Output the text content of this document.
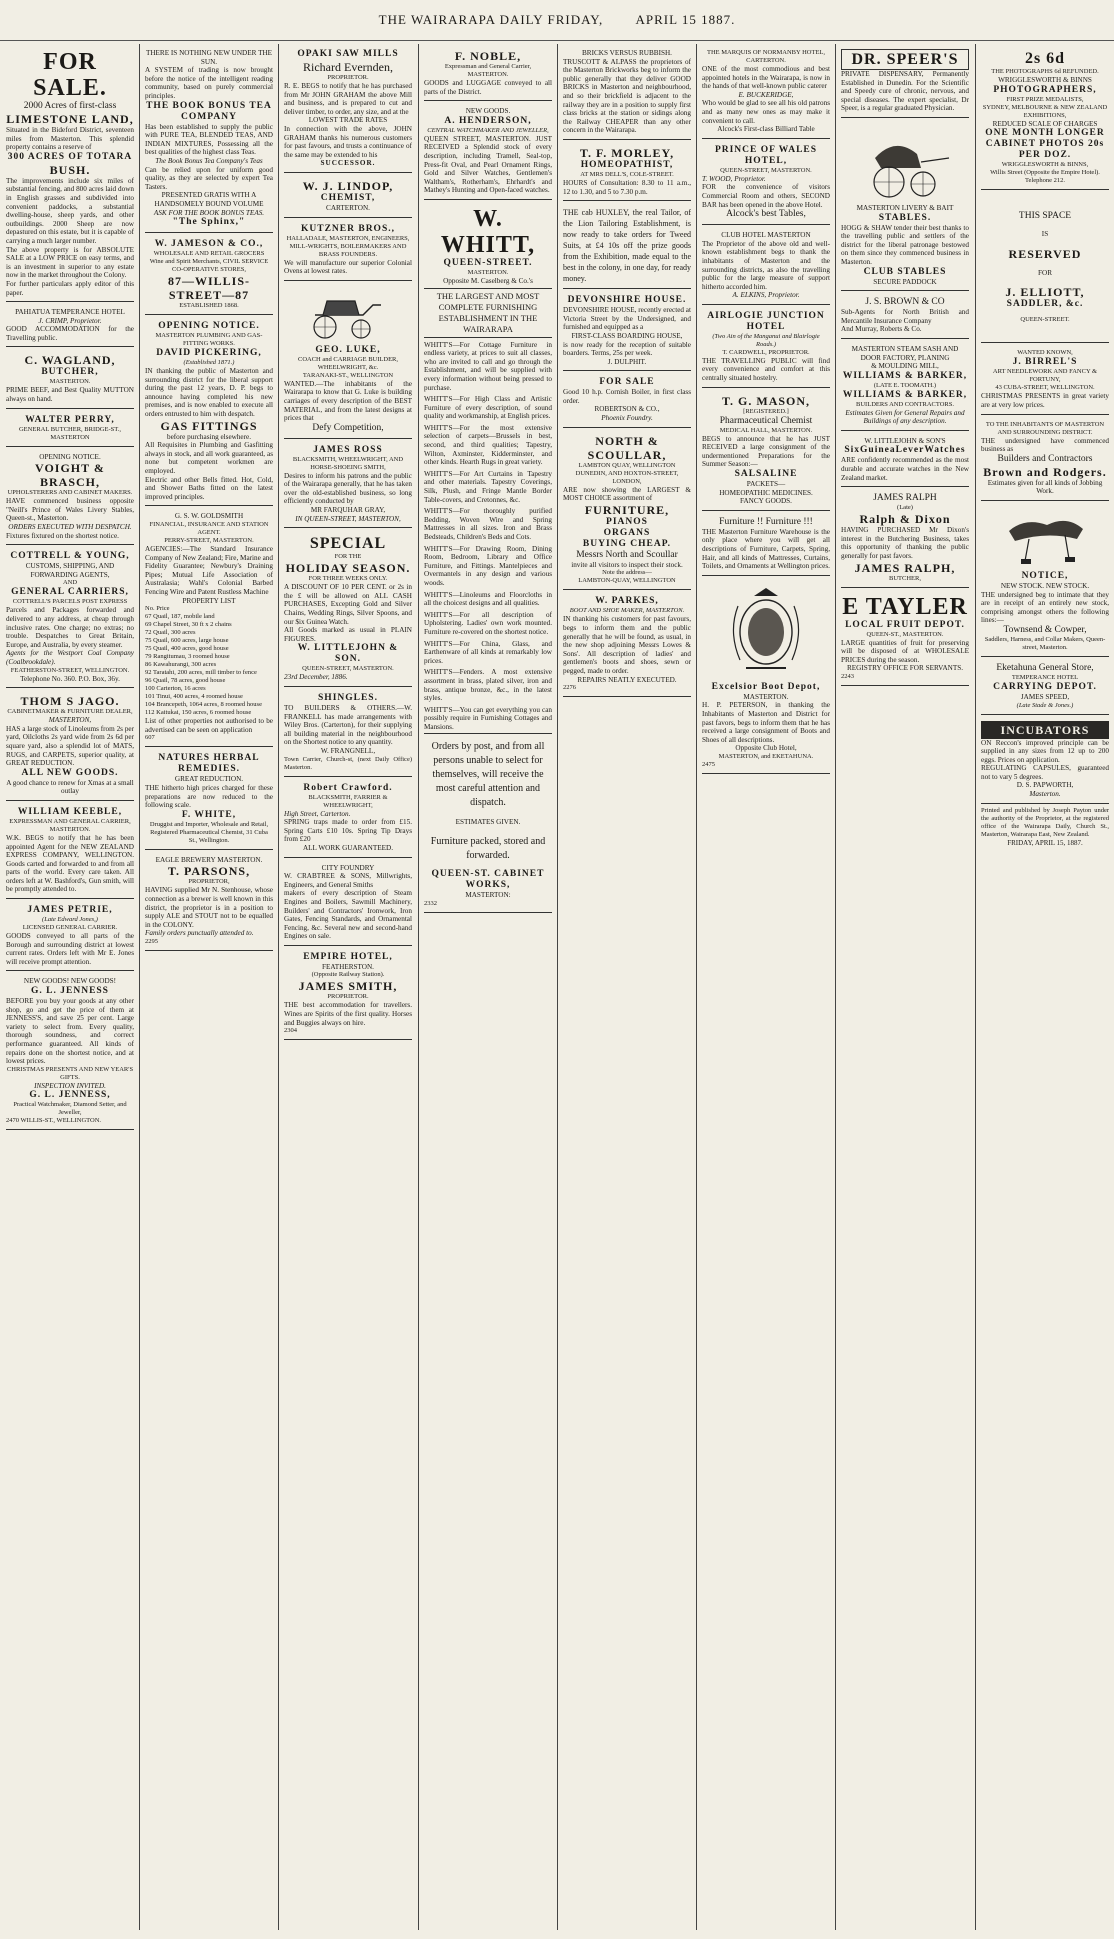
THE WAIRARAPA DAILY FRIDAY, APRIL 15 1887.
FOR SALE.
2000 Acres of first-class
LIMESTONE LAND,
Situated in the Bideford District, seventeen miles from Masterton. This splendid property contains a reserve of
300 ACRES OF TOTARA
BUSH.
The improvements include six miles of substantial fencing, and 800 acres laid down in English grasses and subdivided into convenient paddocks, a substantial dwelling-house, sheep yards, and other outbuildings. 2000 Sheep are now depastured on this estate, but it is capable of carrying a much larger number.
The above property is for ABSOLUTE SALE at a LOW PRICE on easy terms, and is an investment in superior to any estate now in the market throughout the Colony.
For further particulars apply editor of this paper.
PAHIATUA TEMPERANCE HOTEL
J. CRIMP, Proprietor.
GOOD ACCOMMODATION for the Travelling public.
C. WAGLAND,
BUTCHER,
MASTERTON.
PRIME BEEF, and Best Quality MUTTON always on hand.
WALTER PERRY,
GENERAL BUTCHER, BRIDGE-ST., MASTERTON
OPENING NOTICE.
VOIGHT & BRASCH,
UPHOLSTERERS AND CABINET MAKERS.
HAVE commenced business opposite "Neill's Prince of Wales Livery Stables, Queen-st., Masterton.
ORDERS EXECUTED WITH DESPATCH.
Fixtures fixtured on the shortest notice.
COTTRELL & YOUNG,
CUSTOMS, SHIPPING, AND FORWARDING AGENTS,
AND
GENERAL CARRIERS,
COTTRELL'S PARCELS POST EXPRESS
Parcels and Packages forwarded and delivered to any address, at cheap through inclusive rates. One charge; no extras; no trouble. Despatches to Great Britain, Europe, and Australia, by every steamer.
Agents for the Westport Coal Company (Coalbrookdale).
FEATHERSTON-STREET, WELLINGTON.
Telephone No. 360. P.O. Box, 36y.
THOM S JAGO.
CABINETMAKER & FURNITURE DEALER,
MASTERTON,
HAS a large stock of Linoleums from 2s per yard, Oilcloths 2s yard wide from 2s 6d per square yard, also a splendid lot of MATS, RUGS, and CARPETS, superior quality, at GREAT REDUCTION.
ALL NEW GOODS.
A good chance to renew for Xmas at a small outlay
WILLIAM KEEBLE,
EXPRESSMAN AND GENERAL CARRIER, MASTERTON.
W.K. BEGS to notify that he has been appointed Agent for the NEW ZEALAND EXPRESS COMPANY, WELLINGTON. Goods carted and forwarded to and from all parts of the world. Every care taken. All orders left at W. Bashford's, Gun smith, will be promptly attended to.
JAMES PETRIE,
(Late Edward Jones,)
LICENSED GENERAL CARRIER.
GOODS conveyed to all parts of the Borough and surrounding district at lowest current rates. Orders left with Mr E. Jones will receive prompt attention.
NEW GOODS! NEW GOODS!
G. L. JENNESS
BEFORE you buy your goods at any other shop, go and get the price of them at JENNESS'S, and save 25 per cent. Large variety to select from. Every quality, thorough soundness, and correct performance guaranteed. All kinds of repairs done on the shortest notice, and at lowest prices.
CHRISTMAS PRESENTS AND NEW YEAR'S GIFTS.
INSPECTION INVITED.
G. L. JENNESS,
Practical Watchmaker, Diamond Setter, and Jeweller,
2470 WILLIS-ST., WELLINGTON.
THERE IS NOTHING NEW UNDER THE SUN.
A SYSTEM of trading is now brought before the notice of the intelligent reading community, based on purely commercial principles.
THE BOOK BONUS TEA COMPANY
Has been established to supply the public with PURE TEA, BLENDED TEAS, AND INDIAN MIXTURES, Possessing all the best qualities of the highest class Teas.
The Book Bonus Tea Company's Teas
Can be relied upon for uniform good quality, as they are selected by expert Tea Tasters.
PRESENTED GRATIS WITH A HANDSOMELY BOUND VOLUME
ASK FOR THE BOOK BONUS TEAS.
"The Sphinx,"
W. JAMESON & CO.,
WHOLESALE AND RETAIL GROCERS
Wine and Spirit Merchants, CIVIL SERVICE CO-OPERATIVE STORES,
87—WILLIS-STREET—87
ESTABLISHED 1868.
OPENING NOTICE.
MASTERTON PLUMBING AND GAS-FITTING WORKS.
DAVID PICKERING,
(Established 1871.)
IN thanking the public of Masterton and surrounding district for the liberal support during the past 12 years, D. P. begs to announce having completed his new premises, and is now enabled to execute all orders entrusted to him with despatch.
GAS FITTINGS
before purchasing elsewhere.
All Requisites in Plumbing and Gasfitting always in stock, and all work guaranteed, as none but competent workmen are employed.
Electric and other Bells fitted. Hot, Cold, and Shower Baths fitted on the latest improved principles.
G. S. W. GOLDSMITH
FINANCIAL, INSURANCE AND STATION AGENT.
PERRY-STREET, MASTERTON.
AGENCIES:—The Standard Insurance Company of New Zealand; Fire, Marine and Fidelity Guarantee; Newbury's Draining Pipes; Mutual Life Association of Australasia; Wahl's Colonial Barbed Fencing Wire and Patent Rustless Machine
PROPERTY LIST
No. Price
67 Quail, 187, mobile land
69 Chapel Street, 30 ft x 2 chains
72 Quail, 300 acres
75 Quail, 600 acres, large house
75 Quail, 400 acres, good house
79 Rangitumau, 3 roomed house
86 Kawahurangi, 300 acres
92 Taratahi, 200 acres, mill timber to fence
96 Quail, 78 acres, good house
100 Carterton, 16 acres
101 Tinui, 400 acres, 4 roomed house
104 Brancepeth, 1064 acres, 8 roomed house
112 Kaitukai, 150 acres, 6 roomed house
List of other properties not authorised to be advertised can be seen on application
607
NATURES HERBAL REMEDIES.
GREAT REDUCTION.
THE hitherto high prices charged for these preparations are now reduced to the following scale.
F. WHITE,
Druggist and Importer, Wholesale and Retail,
Registered Pharmaceutical Chemist, 31 Cuba St., Wellington.
EAGLE BREWERY MASTERTON.
T. PARSONS,
PROPRIETOR,
HAVING supplied Mr N. Stenhouse, whose connection as a brewer is well known in this district, the proprietor is in a position to supply ALE and STOUT not to be equalled in the COLONY.
Family orders punctually attended to.
2295
OPAKI SAW MILLS
Richard Evernden,
PROPRIETOR.
R. E. BEGS to notify that he has purchased from Mr JOHN GRAHAM the above Mill and business, and is prepared to cut and deliver timber, to order, any size, and at the
LOWEST TRADE RATES
In connection with the above, JOHN GRAHAM thanks his numerous customers for past favours, and trusts a continuance of the same may be extended to his
SUCCESSOR.
W. J. LINDOP,
CHEMIST,
CARTERTON.
KUTZNER BROS.,
HALLADALE, MASTERTON, ENGINEERS, MILL-WRIGHTS, BOILERMAKERS AND BRASS FOUNDERS.
We will manufacture our superior Colonial Ovens at lowest rates.
GEO. LUKE,
COACH and CARRIAGE BUILDER, WHEELWRIGHT, &c.
TARANAKI-ST., WELLINGTON
WANTED.—The inhabitants of the Wairarapa to know that G. Luke is building carriages of every description of the BEST MATERIAL, and from the latest designs at prices that
Defy Competition,
JAMES ROSS
BLACKSMITH, WHEELWRIGHT, AND HORSE-SHOEING SMITH,
Desires to inform his patrons and the public of the Wairarapa generally, that he has taken over the old-established business, so long efficiently conducted by
MR FARQUHAR GRAY,
IN QUEEN-STREET, MASTERTON,
SPECIAL
FOR THE
HOLIDAY SEASON.
FOR THREE WEEKS ONLY.
A DISCOUNT OF 10 PER CENT. or 2s in the £ will be allowed on ALL CASH PURCHASES, Excepting Gold and Silver Chains, Wedding Rings, Silver Spoons, and our $ix Guinea Watch.
All Goods marked as usual in PLAIN FIGURES.
W. LITTLEJOHN & SON.
QUEEN-STREET, MASTERTON.
23rd December, 1886.
SHINGLES.
TO BUILDERS & OTHERS.—W. FRANKELL has made arrangements with Wiley Bros. (Carterton), for their supplying all building material in the neighbourhood on the Shortest notice to any quantity.
W. FRANGNELL,
Town Carrier, Church-st, (next Daily Office) Masterton.
Robert Crawford.
BLACKSMITH, FARRIER & WHEELWRIGHT,
High Street, Carterton.
SPRING traps made to order from £15. Spring Carts £10 10s. Spring Tip Drays from £20
ALL WORK GUARANTEED.
CITY FOUNDRY
W. CRABTREE & SONS, Millwrights, Engineers, and General Smiths
makers of every description of Steam Engines and Boilers, Sawmill Machinery, Builders' and Contractors' Ironwork, Iron Gates, Fencing Standards, and Ornamental Fencing, &c. Several new and second-hand Engines on sale.
EMPIRE HOTEL,
FEATHERSTON.
(Opposite Railway Station).
JAMES SMITH,
PROPRIETOR.
THE best accommodation for travellers. Wines are Spirits of the first quality. Horses and Buggies always on hire.
2304
F. NOBLE,
Expressman and General Carrier, MASTERTON.
GOODS and LUGGAGE conveyed to all parts of the District.
NEW GOODS.
A. HENDERSON,
CENTRAL WATCHMAKER AND JEWELLER,
QUEEN STREET, MASTERTON. JUST RECEIVED a Splendid stock of every description, including Tramell, Seal-top, Press-fit Oval, and Pearl Ornament Rings, Gold and Silver Watches, Gentlemen's Waltham's, Rotherham's, Ehrhardt's and Mathey's Hunting and Open-faced watches.
W. WHITT,
QUEEN-STREET.
MASTERTON.
Opposite M. Caselberg & Co.'s
THE LARGEST AND MOST COMPLETE FURNISHING ESTABLISHMENT IN THE WAIRARAPA
WHITT'S—For Cottage Furniture in endless variety, at prices to suit all classes, who are invited to call and go through the Establishment, and will be supplied with every information without being pressed to purchase.
WHITT'S—For High Class and Artistic Furniture of every description, of sound quality and workmanship, at English prices.
WHITT'S—For the most extensive selection of carpets—Brussels in best, second, and third qualities; Tapestry, Wilton, Axminster, Kidderminster, and other kinds. Hearth Rugs in great variety.
WHITT'S—For Art Curtains in Tapestry and other materials. Tapestry Coverings, Silk, Plush, and Fringe Mantle Border Table-covers, and Cretonnes, &c.
WHITT'S—For thoroughly purified Bedding, Woven Wire and Spring Mattresses in all sizes. Iron and Brass Bedsteads, Children's Beds and Cots.
WHITT'S—For Drawing Room, Dining Room, Bedroom, Library and Office Furniture, and Fittings. Mantelpieces and Overmantels in any design and various woods.
WHITT'S—Linoleums and Floorcloths in all the choicest designs and all qualities.
WHITT'S—For all description of Upholstering. Ladies' own work mounted. Furniture re-covered on the shortest notice.
WHITT'S—For China, Glass, and Earthenware of all kinds at remarkably low prices.
WHITT'S—Fenders. A most extensive assortment in brass, plated silver, iron and brass, antique bronze, &c., in the latest styles.
WHITT'S—You can get everything you can possibly require in Furnishing Cottages and Mansions.
Orders by post, and from all persons unable to select for themselves, will receive the most careful attention and dispatch.
ESTIMATES GIVEN.
Furniture packed, stored and forwarded.
QUEEN-ST. CABINET WORKS,
MASTERTON:
2332
BRICKS VERSUS RUBBISH.
TRUSCOTT & ALPASS the proprietors of the Masterton Brickworks beg to inform the public generally that they deliver GOOD BRICKS in Masterton and neighbourhood, and so their brickfield is adjacent to the railway they are in a position to supply first class bricks at the station or sidings along the Railway CHEAPER than any other concern in the Wairarapa.
T. F. MORLEY,
HOMEOPATHIST,
AT MRS DELL'S, COLE-STREET.
HOURS of Consultation: 8.30 to 11 a.m., 12 to 1.30, and 5 to 7.30 p.m.
THE cab HUXLEY, the real Tailor, of the Lion Tailoring Establishment, is now ready to take orders for Tweed Suits, at £4 10s off the prize goods from the Exhibition, made equal to the best in the colony, in one day, for ready money.
DEVONSHIRE HOUSE.
DEVONSHIRE HOUSE, recently erected at Victoria Street by the Undersigned, and furnished and equipped as a
FIRST-CLASS BOARDING HOUSE,
is now ready for the reception of suitable boarders. Terms, 25s per week.
J. DULPHIT.
FOR SALE
Good 10 h.p. Cornish Boiler, in first class order.
ROBERTSON & CO.,
Phoenix Foundry.
NORTH & SCOULLAR,
LAMBTON QUAY, WELLINGTON
DUNEDIN, AND HOXTON-STREET,
LONDON,
ARE now showing the LARGEST & MOST CHOICE assortment of
FURNITURE,
PIANOS
ORGANS
BUYING CHEAP.
Messrs North and Scoullar
invite all visitors to inspect their stock.
Note the address—
LAMBTON-QUAY, WELLINGTON
W. PARKES,
BOOT AND SHOE MAKER, MASTERTON.
IN thanking his customers for past favours, begs to inform them and the public generally that he will be found, as usual, in the new shop adjoining Messrs Lowes & Sons'. All description of ladies' and gentlemen's boots and shoes, sewn or pegged, made to order.
REPAIRS NEATLY EXECUTED.
2276
THE MARQUIS OF NORMANBY HOTEL, CARTERTON.
ONE of the most commodious and best appointed hotels in the Wairarapa, is now in the hands of that well-known public caterer
E. BUCKERIDGE,
Who would be glad to see all his old patrons and as many new ones as may make it convenient to call.
Alcock's First-class Billiard Table
PRINCE OF WALES HOTEL,
QUEEN-STREET, MASTERTON.
T. WOOD, Proprietor.
FOR the convenience of visitors Commercial Room and others, SECOND BAR has been opened in the above Hotel.
Alcock's best Tables,
CLUB HOTEL MASTERTON
The Proprietor of the above old and well-known establishment begs to thank the inhabitants of Masterton and the surrounding districts, as also the travelling public for the large measure of support hitherto accorded him.
A. ELKINS, Proprietor.
AIRLOGIE JUNCTION HOTEL
(Two Ain of the Manganui and Blairlogie Roads.)
T. CARDWELL, PROPRIETOR.
THE TRAVELLING PUBLIC will find every convenience and comfort at this centrally situated hostelry.
T. G. MASON,
[REGISTERED.]
Pharmaceutical Chemist
MEDICAL HALL, MASTERTON.
BEGS to announce that he has JUST RECEIVED a large consignment of the undermentioned Preparations for the Summer Season:—
SALSALINE
PACKETS—
HOMEOPATHIC MEDICINES.
FANCY GOODS.
Furniture !! Furniture !!!
THE Masterton Furniture Warehouse is the only place where you will get all descriptions of Furniture, Carpets, Spring, Hair, and all kinds of Mattresses, Curtains, Toilets, and Ornaments at Wellington prices.
Excelsior Boot Depot,
MASTERTON.
H. P. PETERSON, in thanking the Inhabitants of Masterton and District for past favors, begs to inform them that he has received a large consignment of Boots and Shoes of all descriptions.
Opposite Club Hotel,
MASTERTON, and EKETAHUNA.
2475
DR. SPEER'S
PRIVATE DISPENSARY, Permanently Established in Dunedin. For the Scientific and Speedy cure of chronic, nervous, and special diseases. The expert specialist, Dr Speer, is a regular graduated Physician.
MASTERTON LIVERY & BAIT
STABLES.
HOGG & SHAW tender their best thanks to the travelling public and settlers of the district for the liberal patronage bestowed on them since they commenced business in Masterton.
CLUB STABLES
SECURE PADDOCK
J. S. BROWN & CO
Sub-Agents for North British and Mercantile Insurance Company
And Murray, Roberts & Co.
MASTERTON STEAM SASH AND
DOOR FACTORY, PLANING
& MOULDING MILL,
WILLIAMS & BARKER,
(LATE E. TOOMATH.)
WILLIAMS & BARKER,
BUILDERS AND CONTRACTORS.
Estimates Given for General Repairs and Buildings of any description.
W. LITTLEJOHN & SON'S
SixGuineaLeverWatches
ARE confidently recommended as the most durable and accurate watches in the New Zealand market.
JAMES RALPH
(Late)
Ralph & Dixon
HAVING PURCHASED Mr Dixon's interest in the Butchering Business, takes this opportunity of thanking the public generally for past favors.
JAMES RALPH,
BUTCHER,
E TAYLER
LOCAL FRUIT DEPOT.
QUEEN-ST., MASTERTON.
LARGE quantities of fruit for preserving will be disposed of at WHOLESALE PRICES during the season.
REGISTRY OFFICE FOR SERVANTS.
2243
2s 6d
THE PHOTOGRAPHS 6d REFUNDED.
WRIGGLESWORTH & BINNS
PHOTOGRAPHERS,
FIRST PRIZE MEDALISTS,
SYDNEY, MELBOURNE & NEW ZEALAND EXHIBITIONS,
REDUCED SCALE OF CHARGES
ONE MONTH LONGER
CABINET PHOTOS 20s PER DOZ.
WRIGGLESWORTH & BINNS,
Willis Street (Opposite the Empire Hotel).
Telephone 212.
THIS SPACE
IS
RESERVED
FOR
J. ELLIOTT,
SADDLER, &c.
QUEEN-STREET.
WANTED KNOWN,
J. BIRREL'S
ART NEEDLEWORK AND FANCY & FORTUNY,
43 CUBA-STREET, WELLINGTON.
CHRISTMAS PRESENTS in great variety are at very low prices.
TO THE INHABITANTS OF MASTERTON AND SURROUNDING DISTRICT.
THE undersigned have commenced business as
Builders and Contractors
Brown and Rodgers.
Estimates given for all kinds of Jobbing Work.
NOTICE,
NEW STOCK. NEW STOCK.
THE undersigned beg to intimate that they are in receipt of an entirely new stock, comprising amongst others the following lines:—
Townsend & Cowper,
Saddlers, Harness, and Collar Makers, Queen-street, Masterton.
Eketahuna General Store,
TEMPERANCE HOTEL
CARRYING DEPOT.
JAMES SPEED,
(Late Stade & Jones.)
INCUBATORS
ON Reccon's improved principle can be supplied in any sizes from 12 up to 200 eggs. Prices on application.
REGULATING CAPSULES, guaranteed not to vary 5 degrees.
D. S. PAPWORTH,
Masterton.
Printed and published by Joseph Payton under the authority of the Proprietor, at the registered office of the Wairarapa Daily, Church St., Masterton, Wairarapa East, New Zealand.
FRIDAY, APRIL 15, 1887.
